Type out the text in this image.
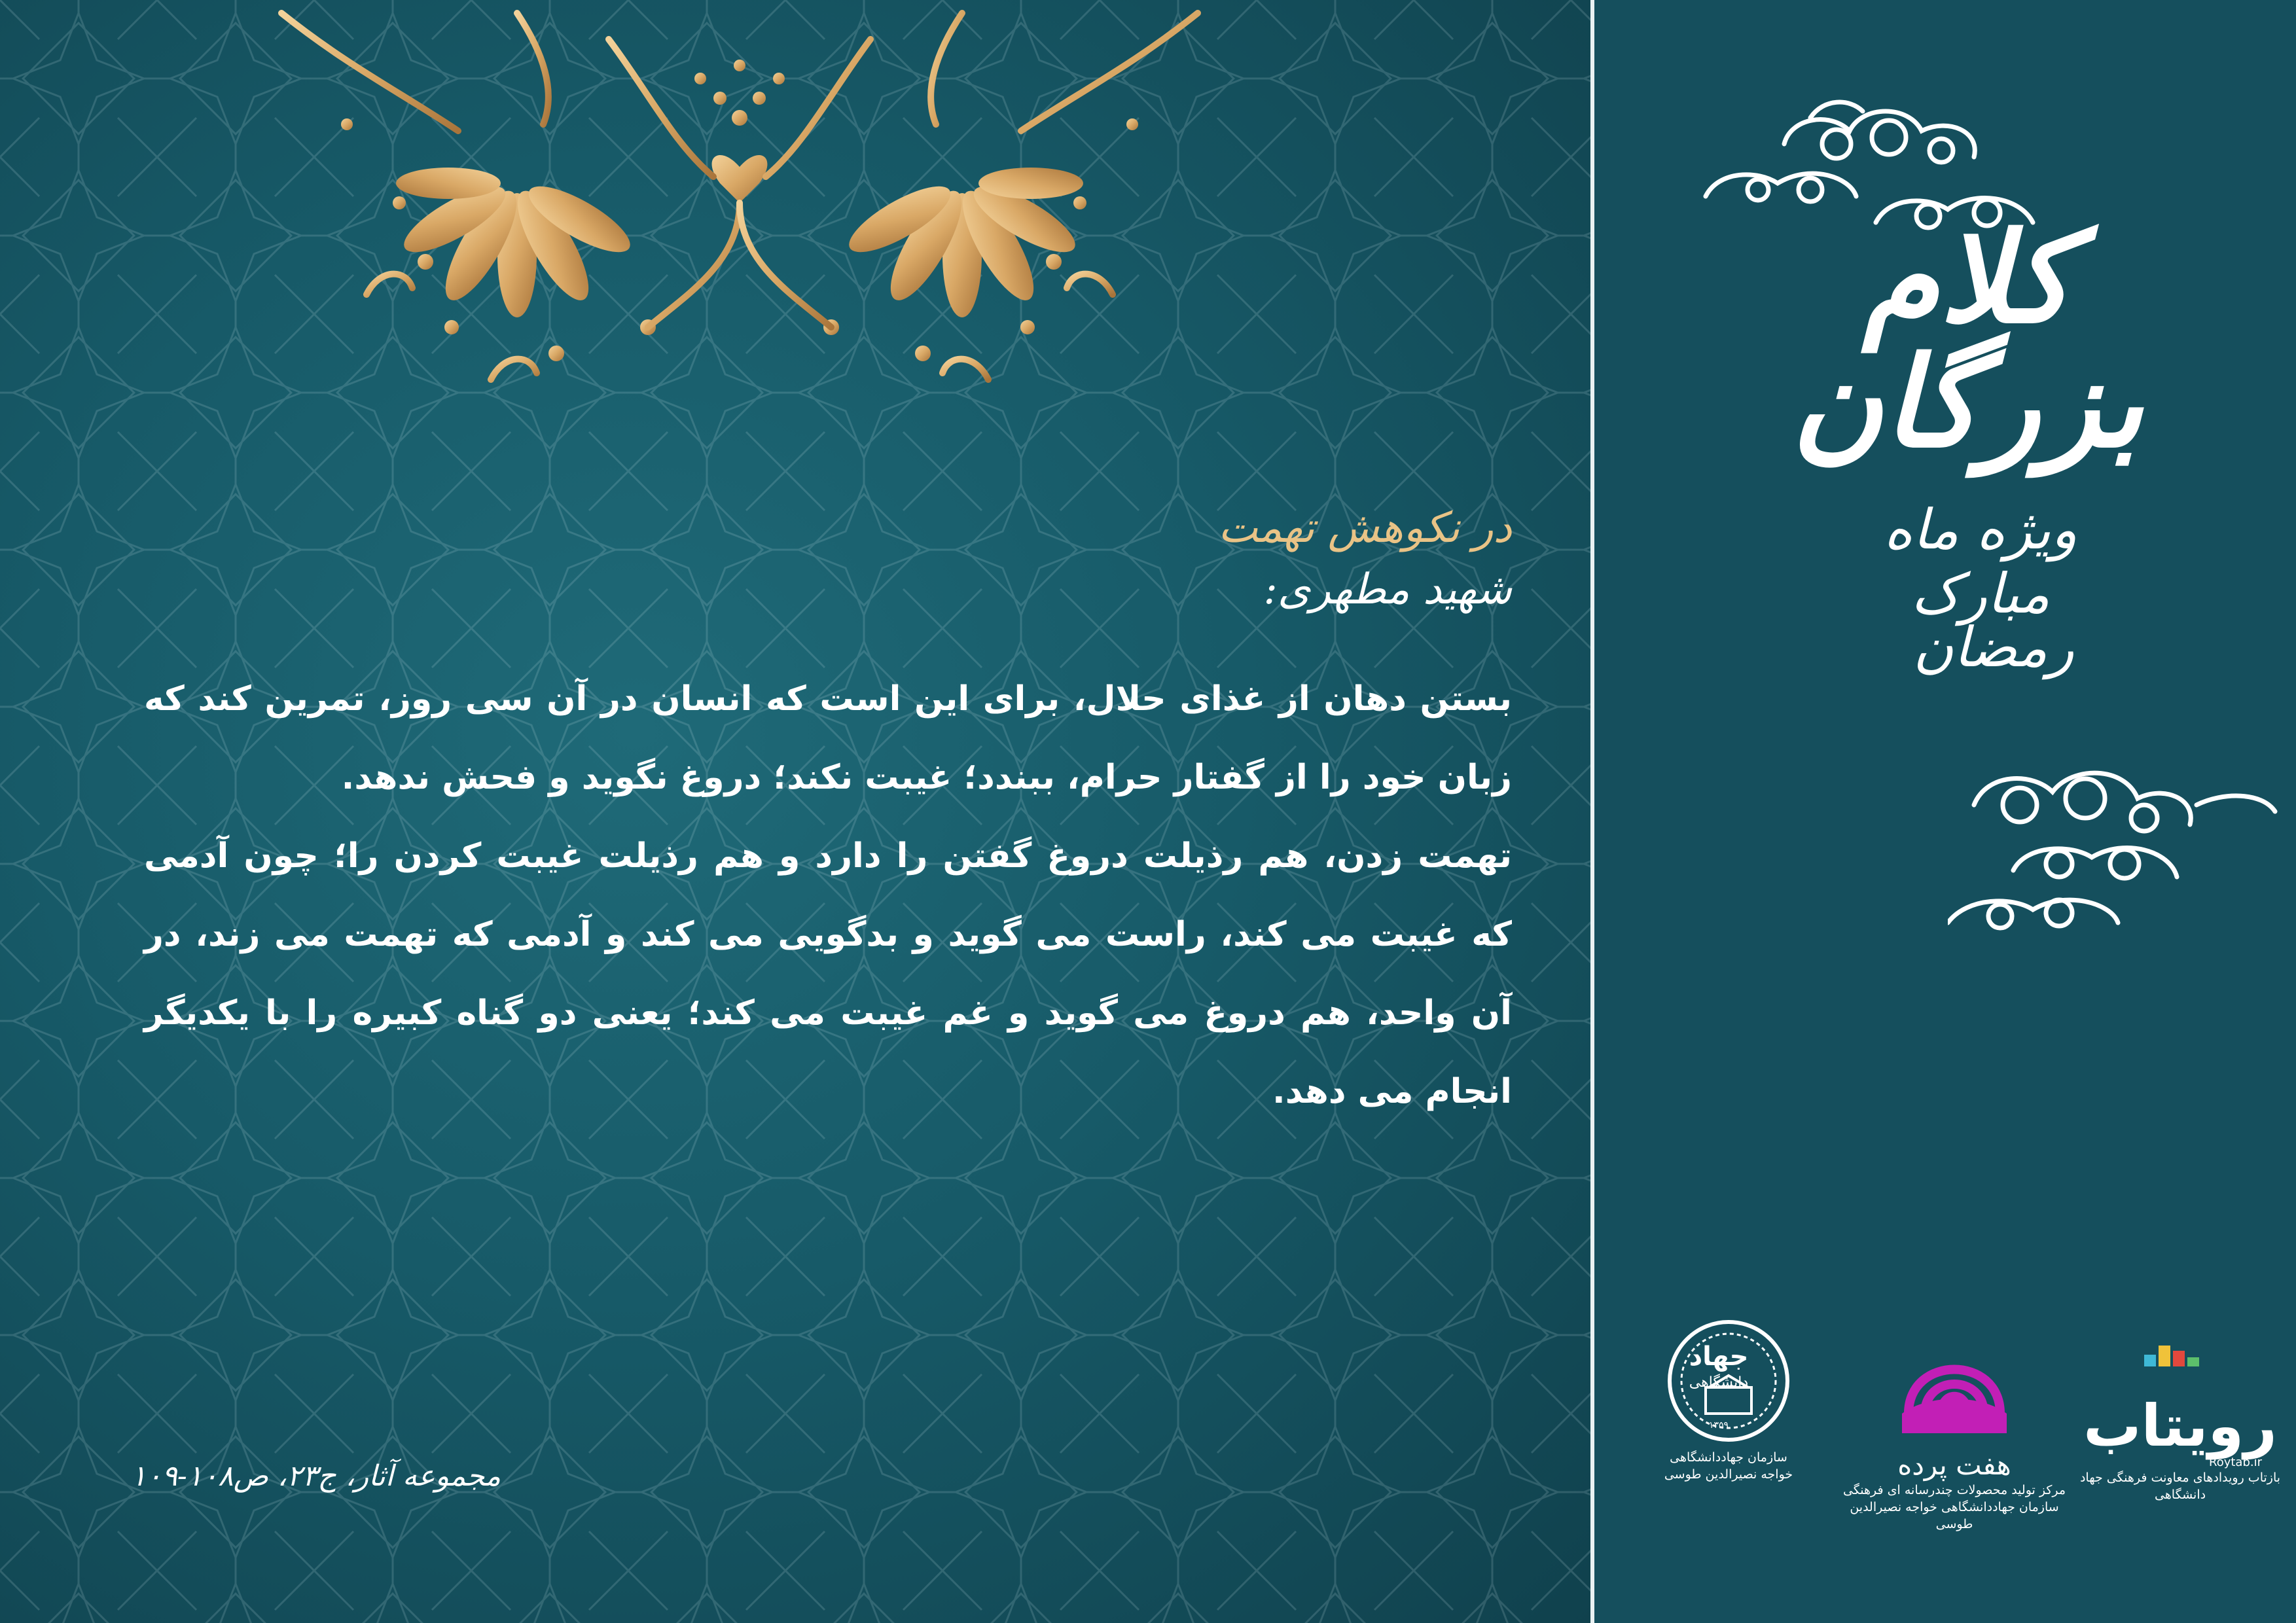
در نکوهش تهمت

شهید مطهری:

بستن دهان از غذای حلال، برای این است که انسان در آن سی روز، تمرین کند که زبان خود را از گفتار حرام، ببندد؛ غیبت نکند؛ دروغ نگوید و فحش ندهد.

تهمت زدن، هم رذیلت دروغ گفتن را دارد و هم رذیلت غیبت کردن را؛ چون آدمی که غیبت می کند، راست می گوید و بدگویی می کند و آدمی که تهمت می زند، در آن واحد، هم دروغ می گوید و غم غیبت می کند؛ یعنی دو گناه کبیره را با یکدیگر انجام می دهد.

مجموعه آثار، ج۲۳، ص۱۰۸-۱۰۹
کلام بزرگان
ویژه ماه مبارک
رمضان
رویتاب
Roytab.ir
بازتاب رویدادهای معاونت فرهنگی جهاد دانشگاهی
هفت پرده
مرکز تولید محصولات چندرسانه ای فرهنگی
سازمان جهاددانشگاهی خواجه نصیرالدین طوسی
جهاد
دانشگاهی
۱۳۵۹
سازمان جهاددانشگاهی
خواجه نصیرالدین طوسی
